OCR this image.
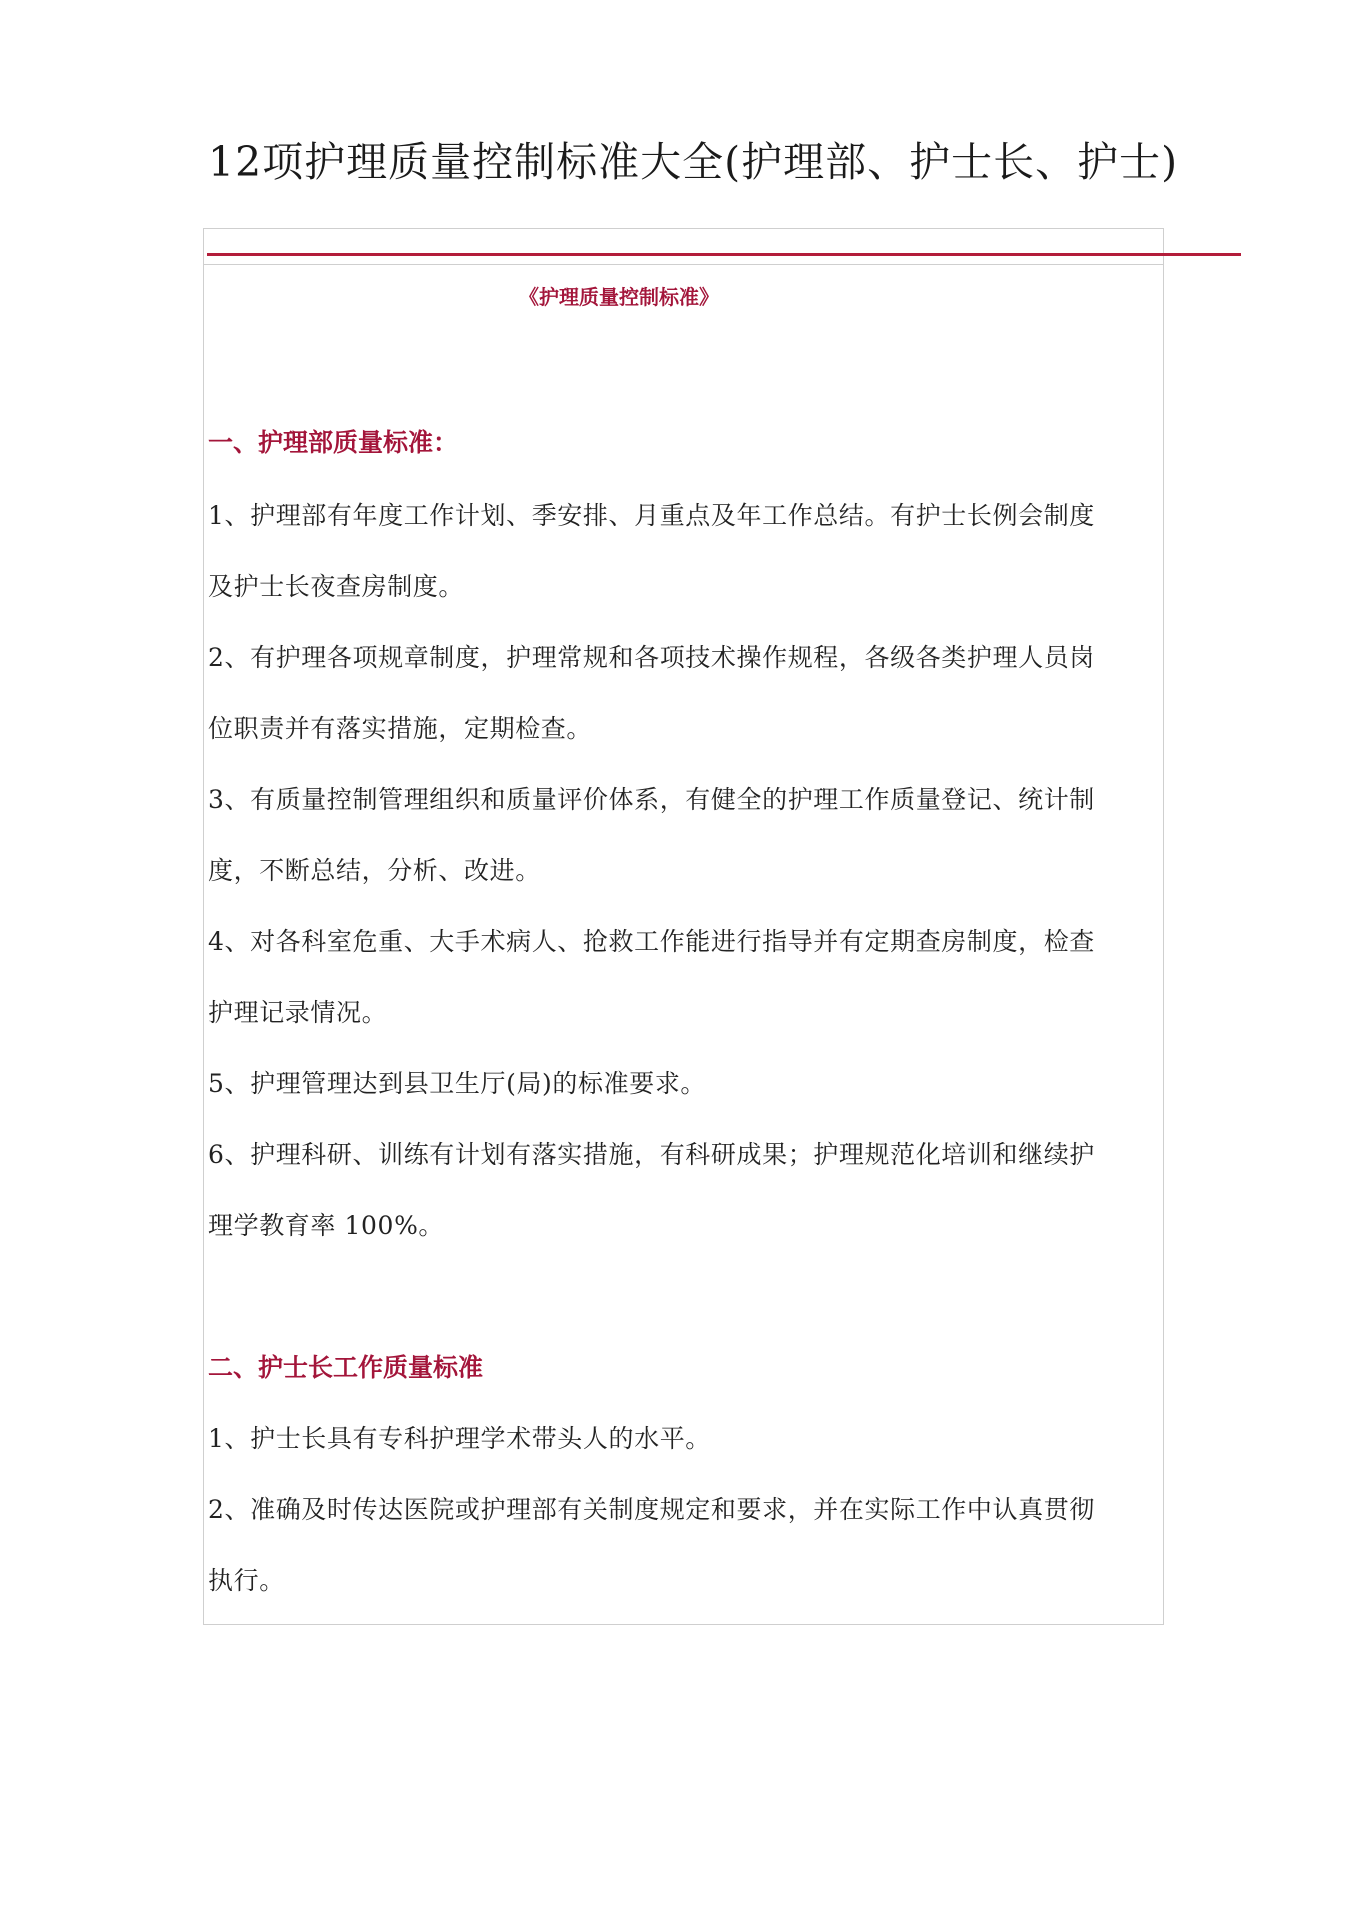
12项护理质量控制标准大全(护理部、护士长、护士)
《护理质量控制标准》
一、护理部质量标准：
1、护理部有年度工作计划、季安排、月重点及年工作总结。有护士长例会制度
及护士长夜查房制度。
2、有护理各项规章制度，护理常规和各项技术操作规程，各级各类护理人员岗
位职责并有落实措施，定期检查。
3、有质量控制管理组织和质量评价体系，有健全的护理工作质量登记、统计制
度，不断总结，分析、改进。
4、对各科室危重、大手术病人、抢救工作能进行指导并有定期查房制度，检查
护理记录情况。
5、护理管理达到县卫生厅(局)的标准要求。
6、护理科研、训练有计划有落实措施，有科研成果；护理规范化培训和继续护
理学教育率 100%。
二、护士长工作质量标准
1、护士长具有专科护理学术带头人的水平。
2、准确及时传达医院或护理部有关制度规定和要求，并在实际工作中认真贯彻
执行。
